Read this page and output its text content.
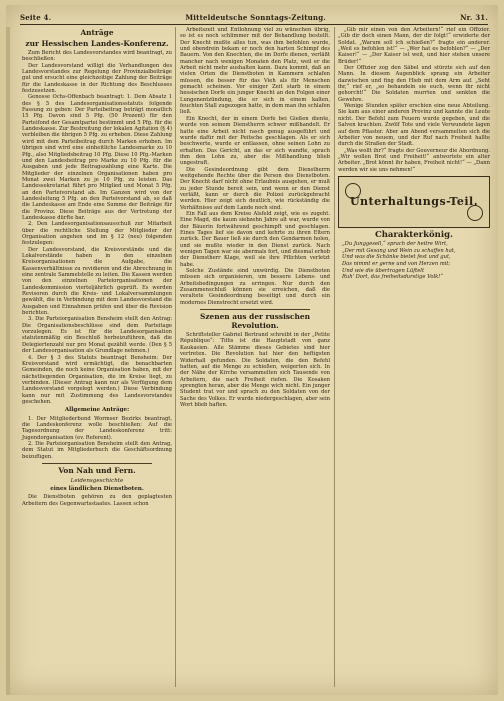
Seite 4.	Mitteldeutsche Sonntags-Zeitung.	Nr. 31.
Anträge
zur Hessischen Landes-Konferenz.

Zum Bericht des Landesvorstandes wird beantragt, zu beschließen:

Der Landesvorstand willigt die Verhandlungen des Landesvorstandes zur Regelung der Provinzialbeiträge gut und ersucht eine gleichzeitige Zahlung der Beiträge für die Landeskasse in der Richtung des Beschlusses festzusetzen.

Genosse Ochs-Offenbach beantragt: 1. Dem Absatz 1 des § 5 des Landesorganisationsstatuts folgende Fassung zu geben: Der Parteibeitrag beträgt monatlich 15 Pfg. Davon sind 5 Pfg. (50 Prozent) für den Parteifond der Gesamtpartei bestimmt und 5 Pfg. für die Landeskasse. Zur Bestreitung der lokalen Agitation (§ 4) verbleiben die übrigen 5 Pfg. zu erheben. Diese Zahlung wird mit dem Parteibeitrag durch Marken erhoben. Im übrigen sind wird eine einheitliche Landesmarke zu 10 Pfg., also Mitgliedsbeitrag 10 Pfg. Diese 10 Pfg.-Marken und den Landesbeitrag pro Marke zu 10 Pfg. für die Ausgaben und jede Beitragszahlung eine Karte. Die Mitglieder der einzelnen Organisationen haben pro Monat zwei Marken zu je 10 Pfg. zu leisten. Das Landessekretariat führt pro Mitglied und Monat 5 Pfg. an den Parteivorstand ab. Im Ganzen wird von der Landesleitung 5 Pfg. an den Parteivorstand ab, so daß die Landeskasse am Ende eine Summe der Beiträge für die Provinz. Diese Beiträge aus der Vertretung der Landeskasse dürfte bar.

2. Den Landesorganisationsausschuß zur Mitarbeit über die rechtliche Stellung der Mitglieder der Organisation angehen und im § 12 (neu) folgenden festzulegen:

Der Landesvorstand, die Kreisvorstände und die Lokalvorstände haben in den einzelnen Kreisorganisationen die Aufgabe, die Kassenverhältnisse zu revidieren und die Abrechnung in eine zentrale Sammelstelle zu leiten. Die Kassen werden von den einzelnen Parteiorganisationen der Landeskommission vierteljährlich geprüft. Es werden Revisoren durch die Kreis- und Lokalversammlungen gewählt, die in Verbindung mit dem Landesvorstand die Ausgaben und Einnahmen prüfen und über die Revision berichten.

3. Die Parteiorganisation Bensheim stellt den Antrag: Die Organisationsbeschlüsse sind dem Parteitage vorzulegen. Es ist für die Landesorganisation statutenmäßig ein Beschluß herbeizuführen, daß die Delegiertenzahl nur pro Monat gezählt werde. (Den § 5 der Landesorganisation als Grundlage nehmen.)

4. Der § 3 des Statuts beantragt Bensheim: Der Kreisvorstand wird ermächtigt, die benachbarten Gemeinden, die noch keine Organisation haben, mit der nächstliegenden Organisation, die im Kreise liegt, zu verbinden. (Dieser Antrag kann nur als Verfügung dem Landesvorstand vorgelegt werden.) Diese Verbindung kann nur mit Zustimmung des Landesvorstandes geschehen.

Allgemeine Anträge:

1. Der Mitgliederbund Wormser Bezirks beantragt, die Landeskonferenz wolle beschließen: Auf die Tagesordnung der Landeskonferenz tritt: Jugendorganisation (ev. Referent).

2. Die Parteiorganisation Bensheim stellt den Antrag, dem Statut im Mitgliederbuch die Geschäftsordnung beizufügen.

Von Nah und Fern.
Leidensgeschichte
eines ländlichen Dienstboten.

Die Dienstboten gehören zu den geplagtesten Arbeitern des Gegenwartsstaates. Lassen schon

Arbeitszeit und Entlohnung viel zu wünschen übrig, so ist es noch schlimmer mit der Behandlung bestellt. Der Knecht mußte alles tun, was ihm befohlen wurde, und obendrein bekam er noch den harten Schimpf des Bauern. Von den Knechten, die im Dorfe dienen, verläßt mancher nach wenigen Monaten den Platz, weil er die Arbeit nicht mehr aushalten kann. Dazu kommt, daß an vielen Orten die Dienstboten in Kammern schlafen müssen, die besser für das Vieh als für Menschen gemacht scheinen. Vor einiger Zeit starb in einem hessischen Dorfe ein junger Knecht an den Folgen einer Lungenentzündung, die er sich in einem kalten, feuchten Stall zugezogen hatte, in dem man ihn schlafen ließ.

Ein Knecht, der in einem Dorfe bei Gießen diente, wurde von seinem Dienstherrn schwer mißhandelt. Er hatte eine Arbeit nicht rasch genug ausgeführt und wurde dafür mit der Peitsche geschlagen. Als er sich beschwerte, wurde er entlassen, ohne seinen Lohn zu erhalten. Das Gericht, an das er sich wandte, sprach ihm den Lohn zu, aber die Mißhandlung blieb ungestraft.

Die Gesindeordnung gibt dem Dienstherrn weitgehende Rechte über die Person des Dienstboten. Der Knecht darf nicht ohne Erlaubnis ausgehen, er muß zu jeder Stunde bereit sein, und wenn er den Dienst verläßt, kann er durch die Polizei zurückgebracht werden. Hier zeigt sich deutlich, wie rückständig die Verhältnisse auf dem Lande noch sind.

Ein Fall aus dem Kreise Alsfeld zeigt, wie es zugeht. Eine Magd, die kaum siebzehn Jahre alt war, wurde von der Bäuerin fortwährend geschimpft und geschlagen. Eines Tages lief sie davon und kehrte zu ihren Eltern zurück. Der Bauer ließ sie durch den Gendarmen holen, und sie mußte wieder in den Dienst zurück. Nach wenigen Tagen war sie abermals fort, und diesmal erhob der Dienstherr Klage, weil sie ihre Pflichten verletzt habe.

Solche Zustände sind unwürdig. Die Dienstboten müssen sich organisieren, um bessere Lebens- und Arbeitsbedingungen zu erringen. Nur durch den Zusammenschluß können sie erreichen, daß die veraltete Gesindeordnung beseitigt und durch ein modernes Dienstrecht ersetzt wird.

Szenen aus der russischen Revolution.

Schriftsteller Gabriel Bertrand schreibt in der „Petite République“: Tiflis ist die Hauptstadt von ganz Kaukasien. Alle Stämme dieses Gebietes sind hier vertreten. Die Revolution hat hier den heftigsten Widerhall gefunden. Die Soldaten, die den Befehl hatten, auf die Menge zu schießen, weigerten sich. In der Nähe der Kirche versammelten sich Tausende von Arbeitern, die nach Freiheit riefen. Die Kosaken sprengten heran, aber die Menge wich nicht. Ein junger Student trat vor und sprach zu den Soldaten von der Sache des Volkes. Er wurde niedergeschlagen, aber sein Wort blieb haften.

„Gib mir einen von den Arbeitern!“ rief ein Offizier. „Gib dir doch einen Mann, der dir folgt!“ erwiderte der Soldat. „Warum soll ich schießen?“ fragte ein anderer. „Weil es befohlen ist!“ — „Wer hat es befohlen?“ — „Der Kaiser!“ — „Der Kaiser ist weit, und hier stehen unsere Brüder!“

Der Offizier zog den Säbel und stürzte sich auf den Mann. In diesem Augenblick sprang ein Arbeiter dazwischen und fing den Hieb mit dem Arm auf. „Seht ihr,“ rief er, „so behandeln sie euch, wenn ihr nicht gehorcht!“ Die Soldaten murrten und senkten die Gewehre.

Wenige Stunden später erschien eine neue Abteilung. Sie kam aus einer anderen Provinz und kannte die Leute nicht. Der Befehl zum Feuern wurde gegeben, und die Salven krachten. Zwölf Tote und viele Verwundete lagen auf dem Pflaster. Aber am Abend versammelten sich die Arbeiter von neuem, und der Ruf nach Freiheit hallte durch die Straßen der Stadt.

„Was wollt ihr?“ fragte der Gouverneur die Abordnung. „Wir wollen Brot und Freiheit!“ antwortete ein alter Arbeiter. „Brot könnt ihr haben, Freiheit nicht!“ — „Dann werden wir sie uns nehmen!“

Unterhaltungs-Teil.
Charakterkönig.
„Du Junggesell,“ sprach der heitre Wirt,
„Der mit Gesang und Wein zu schaffen hat,
Und was die Schänke bietet fest und gut,
Das nimmt er gerne und von Herzen mit;
Und wie die übertragen Lüftelt
Ruh' Dort, das freiheitsdurstige Volk!“
